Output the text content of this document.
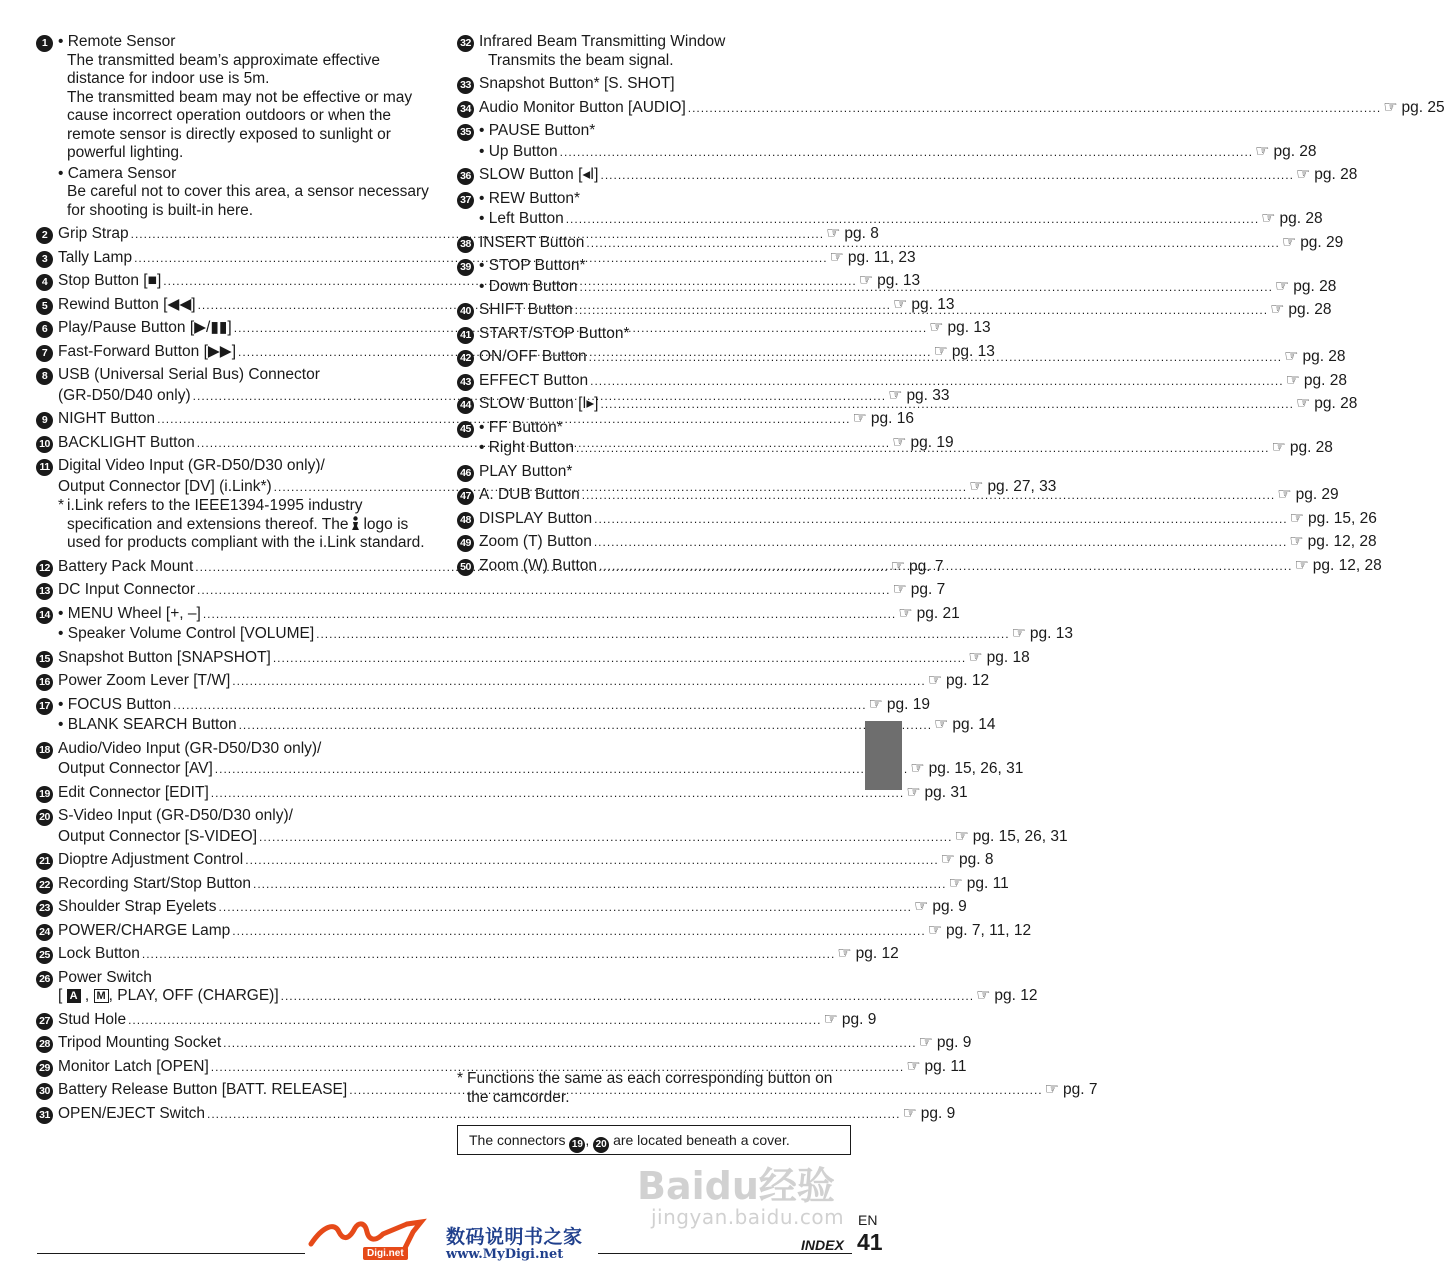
1 • Remote Sensor
The transmitted beam’s approximate effective distance for indoor use is 5m.
The transmitted beam may not be effective or may cause incorrect operation outdoors or when the remote sensor is directly exposed to sunlight or powerful lighting.
• Camera Sensor
Be careful not to cover this area, a sensor necessary for shooting is built-in here.
2 Grip Strap .....	☞ pg. 8
3 Tally Lamp .....	☞ pg. 11, 23
4 Stop Button [■] .....	☞ pg. 13
5 Rewind Button [◀◀] .....	☞ pg. 13
6 Play/Pause Button [▶/▮▮] .....	☞ pg. 13
7 Fast-Forward Button [▶▶] .....	☞ pg. 13
8 USB (Universal Serial Bus) Connector
(GR-D50/D40 only) .....	☞ pg. 33
9 NIGHT Button .....	☞ pg. 16
10 BACKLIGHT Button .....	☞ pg. 19
11 Digital Video Input (GR-D50/D30 only)/
Output Connector [DV] (i.Link*) .....	☞ pg. 27, 33
* i.Link refers to the IEEE1394-1995 industry specification and extensions thereof. The logo is used for products compliant with the i.Link standard.
12 Battery Pack Mount .....	☞ pg. 7
13 DC Input Connector .....	☞ pg. 7
14 • MENU Wheel [+, –] .....	☞ pg. 21
• Speaker Volume Control [VOLUME] .....	☞ pg. 13
15 Snapshot Button [SNAPSHOT] .....	☞ pg. 18
16 Power Zoom Lever [T/W] .....	☞ pg. 12
17 • FOCUS Button .....	☞ pg. 19
• BLANK SEARCH Button .....	☞ pg. 14
18 Audio/Video Input (GR-D50/D30 only)/
Output Connector [AV] .....	☞ pg. 15, 26, 31
19 Edit Connector [EDIT] .....	☞ pg. 31
20 S-Video Input (GR-D50/D30 only)/
Output Connector [S-VIDEO] .....	☞ pg. 15, 26, 31
21 Dioptre Adjustment Control .....	☞ pg. 8
22 Recording Start/Stop Button .....	☞ pg. 11
23 Shoulder Strap Eyelets .....	☞ pg. 9
24 POWER/CHARGE Lamp .....	☞ pg. 7, 11, 12
25 Lock Button .....	☞ pg. 12
26 Power Switch
[ A , M , PLAY, OFF (CHARGE)] .....	☞ pg. 12
27 Stud Hole .....	☞ pg. 9
28 Tripod Mounting Socket .....	☞ pg. 9
29 Monitor Latch [OPEN] .....	☞ pg. 11
30 Battery Release Button [BATT. RELEASE] .....	☞ pg. 7
31 OPEN/EJECT Switch .....	☞ pg. 9
32 Infrared Beam Transmitting Window
Transmits the beam signal.
33 Snapshot Button* [S. SHOT]
34 Audio Monitor Button [AUDIO] .....	☞ pg. 25
35 • PAUSE Button*
• Up Button .....	☞ pg. 28
36 SLOW Button [◂ǀ] .....	☞ pg. 28
37 • REW Button*
• Left Button .....	☞ pg. 28
38 INSERT Button .....	☞ pg. 29
39 • STOP Button*
• Down Button .....	☞ pg. 28
40 SHIFT Button .....	☞ pg. 28
41 START/STOP Button*
42 ON/OFF Button .....	☞ pg. 28
43 EFFECT Button .....	☞ pg. 28
44 SLOW Button [ǀ▸] .....	☞ pg. 28
45 • FF Button*
• Right Button .....	☞ pg. 28
46 PLAY Button*
47 A. DUB Button .....	☞ pg. 29
48 DISPLAY Button .....	☞ pg. 15, 26
49 Zoom (T) Button .....	☞ pg. 12, 28
50 Zoom (W) Button .....	☞ pg. 12, 28
* Functions the same as each corresponding button on the camcorder.
The connectors 19 , 20 are located beneath a cover.
Digi.net
数码说明书之家
www.MyDigi.net
Baidu经验
jingyan.baidu.com EN
INDEX 41
